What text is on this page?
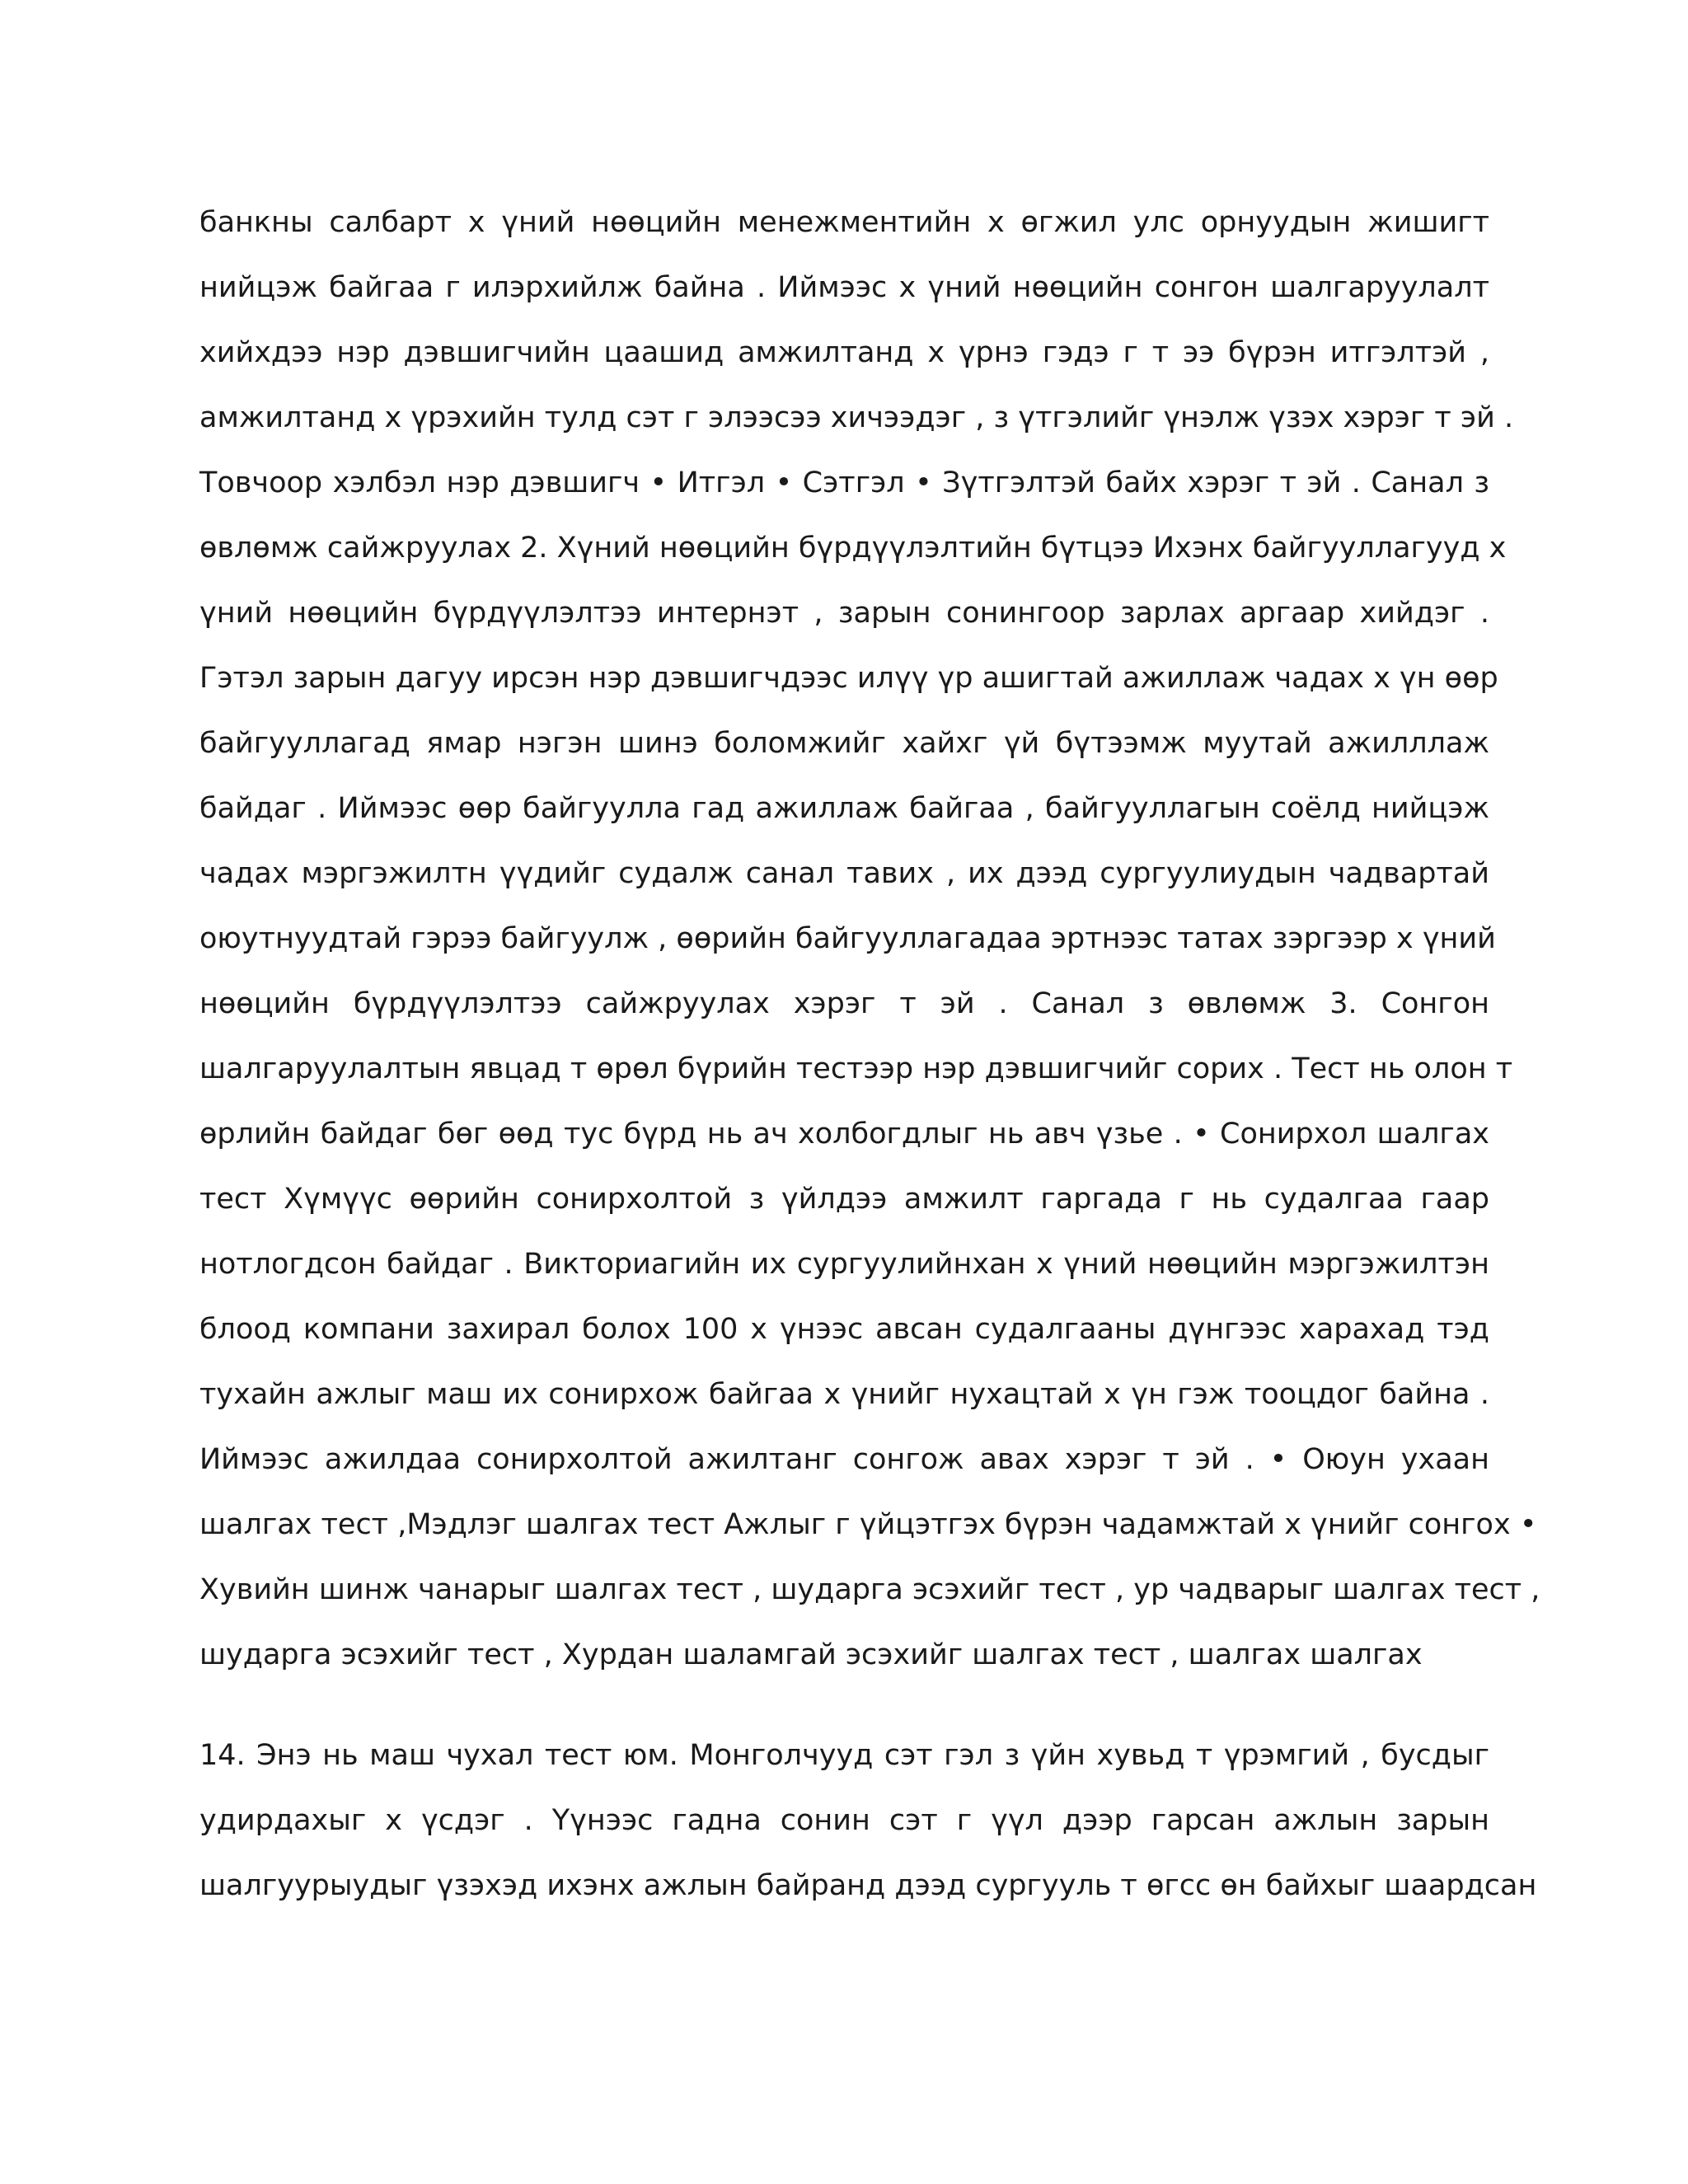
банкны салбарт х үний нөөцийн менежментийн х өгжил улс орнуудын жишигт
нийцэж байгаа г илэрхийлж байна . Иймээс х үний нөөцийн сонгон шалгаруулалт
хийхдээ нэр дэвшигчийн цаашид амжилтанд х үрнэ гэдэ г т ээ бүрэн итгэлтэй ,
амжилтанд х үрэхийн тулд сэт г элээсээ хичээдэг , з үтгэлийг үнэлж үзэх хэрэг т эй .
Товчоор хэлбэл нэр дэвшигч • Итгэл • Сэтгэл • Зүтгэлтэй байх хэрэг т эй . Санал з
өвлөмж сайжруулах 2. Хүний нөөцийн бүрдүүлэлтийн бүтцээ Ихэнх байгууллагууд х
үний нөөцийн бүрдүүлэлтээ интернэт , зарын сонингоор зарлах аргаар хийдэг .
Гэтэл зарын дагуу ирсэн нэр дэвшигчдээс илүү үр ашигтай ажиллаж чадах х үн өөр
байгууллагад ямар нэгэн шинэ боломжийг хайхг үй бүтээмж муутай ажилллаж
байдаг . Иймээс өөр байгуулла гад ажиллаж байгаа , байгууллагын соёлд нийцэж
чадах мэргэжилтн үүдийг судалж санал тавих , их дээд сургуулиудын чадвартай
оюутнуудтай гэрээ байгуулж , өөрийн байгууллагадаа эртнээс татах зэргээр х үний
нөөцийн бүрдүүлэлтээ сайжруулах хэрэг т эй . Санал з өвлөмж 3. Сонгон
шалгаруулалтын явцад т өрөл бүрийн тестээр нэр дэвшигчийг сорих . Тест нь олон т
өрлийн байдаг бөг өөд тус бүрд нь ач холбогдлыг нь авч үзье . • Сонирхол шалгах
тест Хүмүүс өөрийн сонирхолтой з үйлдээ амжилт гаргада г нь судалгаа гаар
нотлогдсон байдаг . Викториагийн их сургуулийнхан х үний нөөцийн мэргэжилтэн
блоод компани захирал болох 100 х үнээс авсан судалгааны дүнгээс харахад тэд
тухайн ажлыг маш их сонирхож байгаа х үнийг нухацтай х үн гэж тооцдог байна .
Иймээс ажилдаа сонирхолтой ажилтанг сонгож авах хэрэг т эй . • Оюун ухаан
шалгах тест ,Мэдлэг шалгах тест Ажлыг г үйцэтгэх бүрэн чадамжтай х үнийг сонгох •
Хувийн шинж чанарыг шалгах тест , шударга эсэхийг тест , ур чадварыг шалгах тест ,
шударга эсэхийг тест , Хурдан шаламгай эсэхийг шалгах тест , шалгах шалгах
14. Энэ нь маш чухал тест юм. Монголчууд сэт гэл з үйн хувьд т үрэмгий , бусдыг
удирдахыг х үсдэг . Үүнээс гадна сонин сэт г үүл дээр гарсан ажлын зарын
шалгуурыудыг үзэхэд ихэнх ажлын байранд дээд сургууль т өгсс өн байхыг шаардсан
